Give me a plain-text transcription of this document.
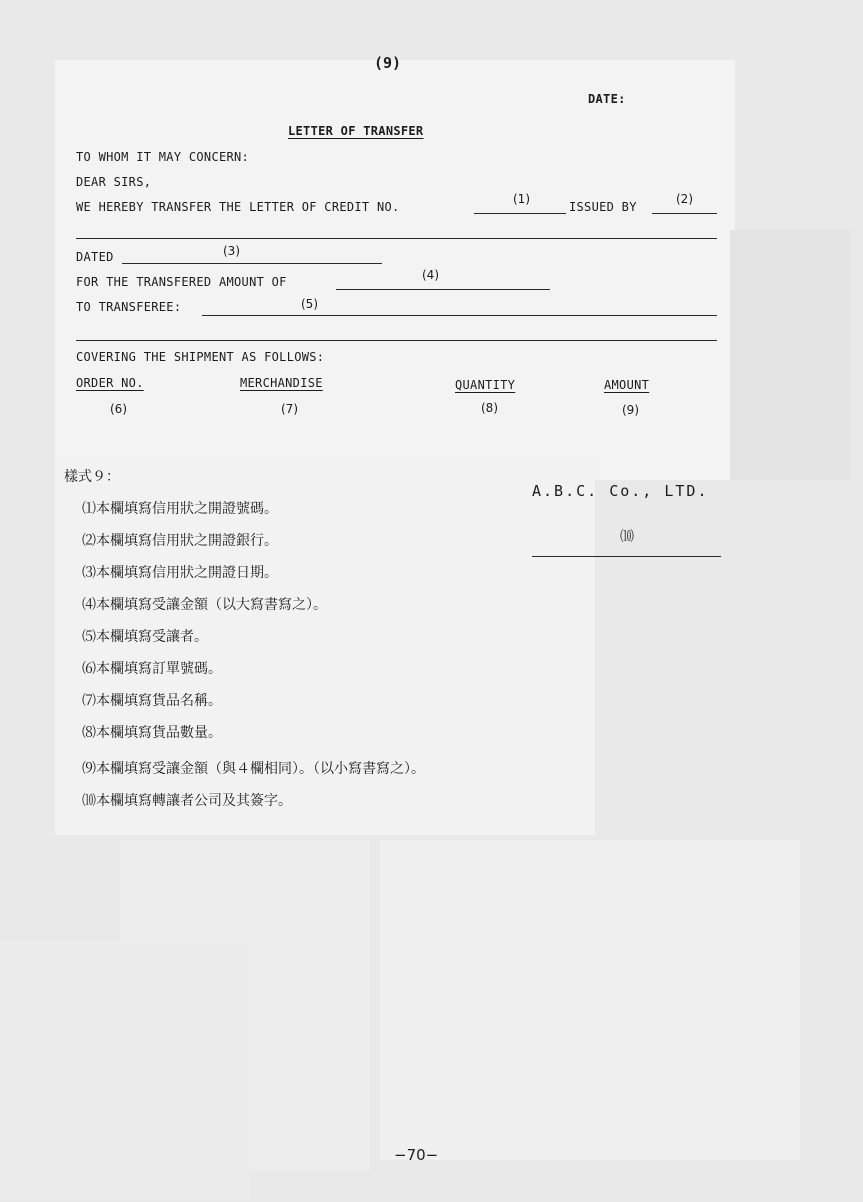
(9)
DATE:
LETTER OF TRANSFER
TO WHOM IT MAY CONCERN:
DEAR SIRS,
WE HEREBY TRANSFER THE LETTER OF CREDIT NO.
(1)
ISSUED BY
(2)
DATED	(3)
FOR THE TRANSFERED AMOUNT OF	(4)
TO TRANSFEREE:	(5)
COVERING THE SHIPMENT AS FOLLOWS:
ORDER NO.	MERCHANDISE	QUANTITY	AMOUNT
(6)	(7)	(8)	(9)
樣式９：
A.B.C. Co., LTD.
⑽
⑴本欄填寫信用狀之開證號碼。
⑵本欄填寫信用狀之開證銀行。
⑶本欄填寫信用狀之開證日期。
⑷本欄填寫受讓金額（以大寫書寫之）。
⑸本欄填寫受讓者。
⑹本欄填寫訂單號碼。
⑺本欄填寫貨品名稱。
⑻本欄填寫貨品數量。
⑼本欄填寫受讓金額（與４欄相同）。（以小寫書寫之）。
⑽本欄填寫轉讓者公司及其簽字。
−70−
